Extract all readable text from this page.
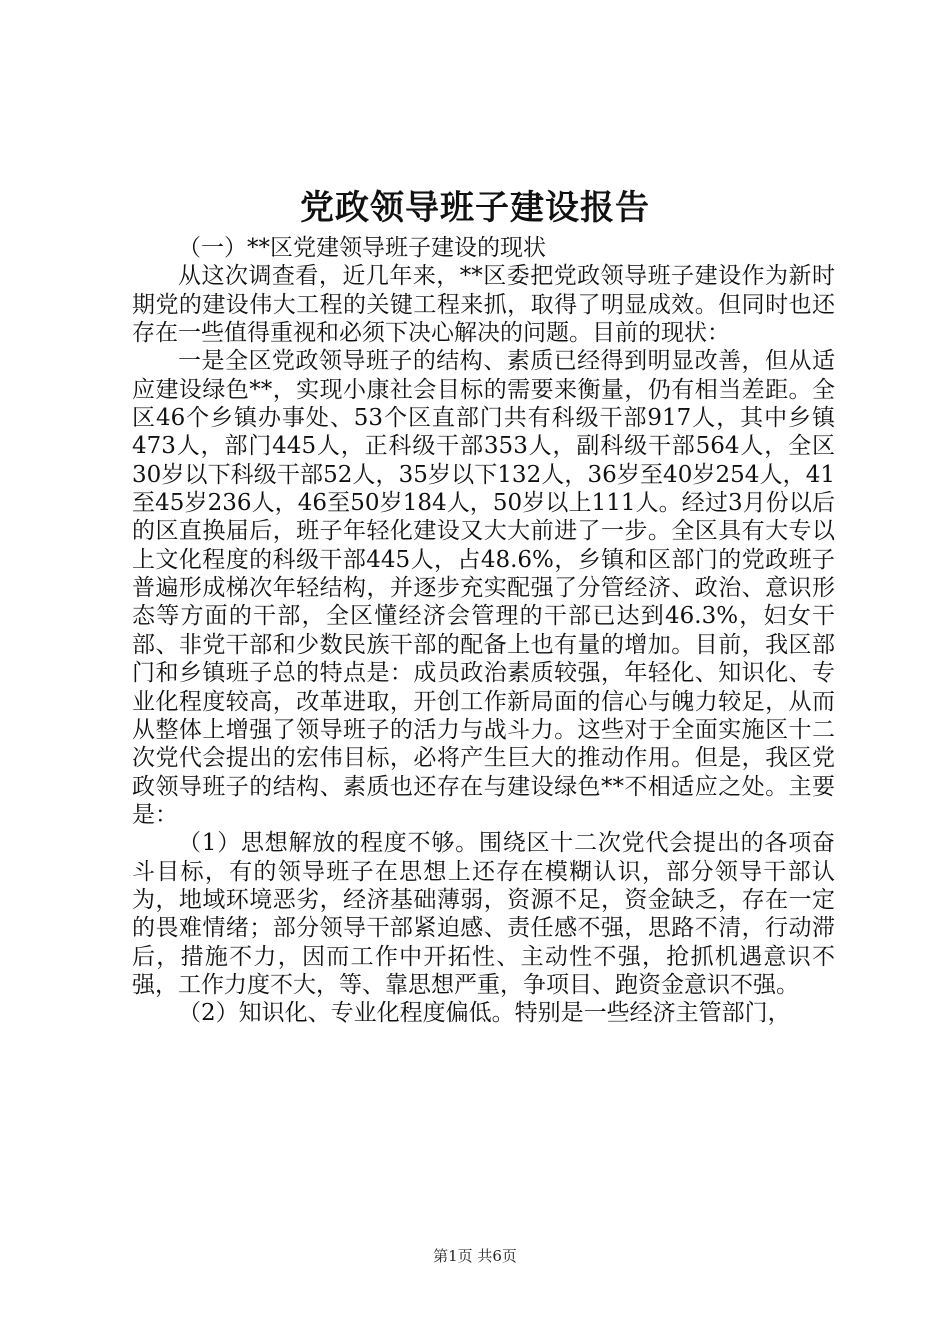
党政领导班子建设报告

（一）**区党建领导班子建设的现状

从这次调查看，近几年来，**区委把党政领导班子建设作为新时期党的建设伟大工程的关键工程来抓，取得了明显成效。但同时也还存在一些值得重视和必须下决心解决的问题。目前的现状：

一是全区党政领导班子的结构、素质已经得到明显改善，但从适应建设绿色**，实现小康社会目标的需要来衡量，仍有相当差距。全区46个乡镇办事处、53个区直部门共有科级干部917人，其中乡镇473人，部门445人，正科级干部353人，副科级干部564人，全区30岁以下科级干部52人，35岁以下132人，36岁至40岁254人，41至45岁236人，46至50岁184人，50岁以上111人。经过3月份以后的区直换届后，班子年轻化建设又大大前进了一步。全区具有大专以上文化程度的科级干部445人，占48.6%，乡镇和区部门的党政班子普遍形成梯次年轻结构，并逐步充实配强了分管经济、政治、意识形态等方面的干部，全区懂经济会管理的干部已达到46.3%，妇女干部、非党干部和少数民族干部的配备上也有量的增加。目前，我区部门和乡镇班子总的特点是：成员政治素质较强，年轻化、知识化、专业化程度较高，改革进取，开创工作新局面的信心与魄力较足，从而从整体上增强了领导班子的活力与战斗力。这些对于全面实施区十二次党代会提出的宏伟目标，必将产生巨大的推动作用。但是，我区党政领导班子的结构、素质也还存在与建设绿色**不相适应之处。主要是：

（1）思想解放的程度不够。围绕区十二次党代会提出的各项奋斗目标，有的领导班子在思想上还存在模糊认识，部分领导干部认为，地域环境恶劣，经济基础薄弱，资源不足，资金缺乏，存在一定的畏难情绪；部分领导干部紧迫感、责任感不强，思路不清，行动滞后，措施不力，因而工作中开拓性、主动性不强，抢抓机遇意识不强，工作力度不大，等、靠思想严重，争项目、跑资金意识不强。

（2）知识化、专业化程度偏低。特别是一些经济主管部门，

第1页 共6页
